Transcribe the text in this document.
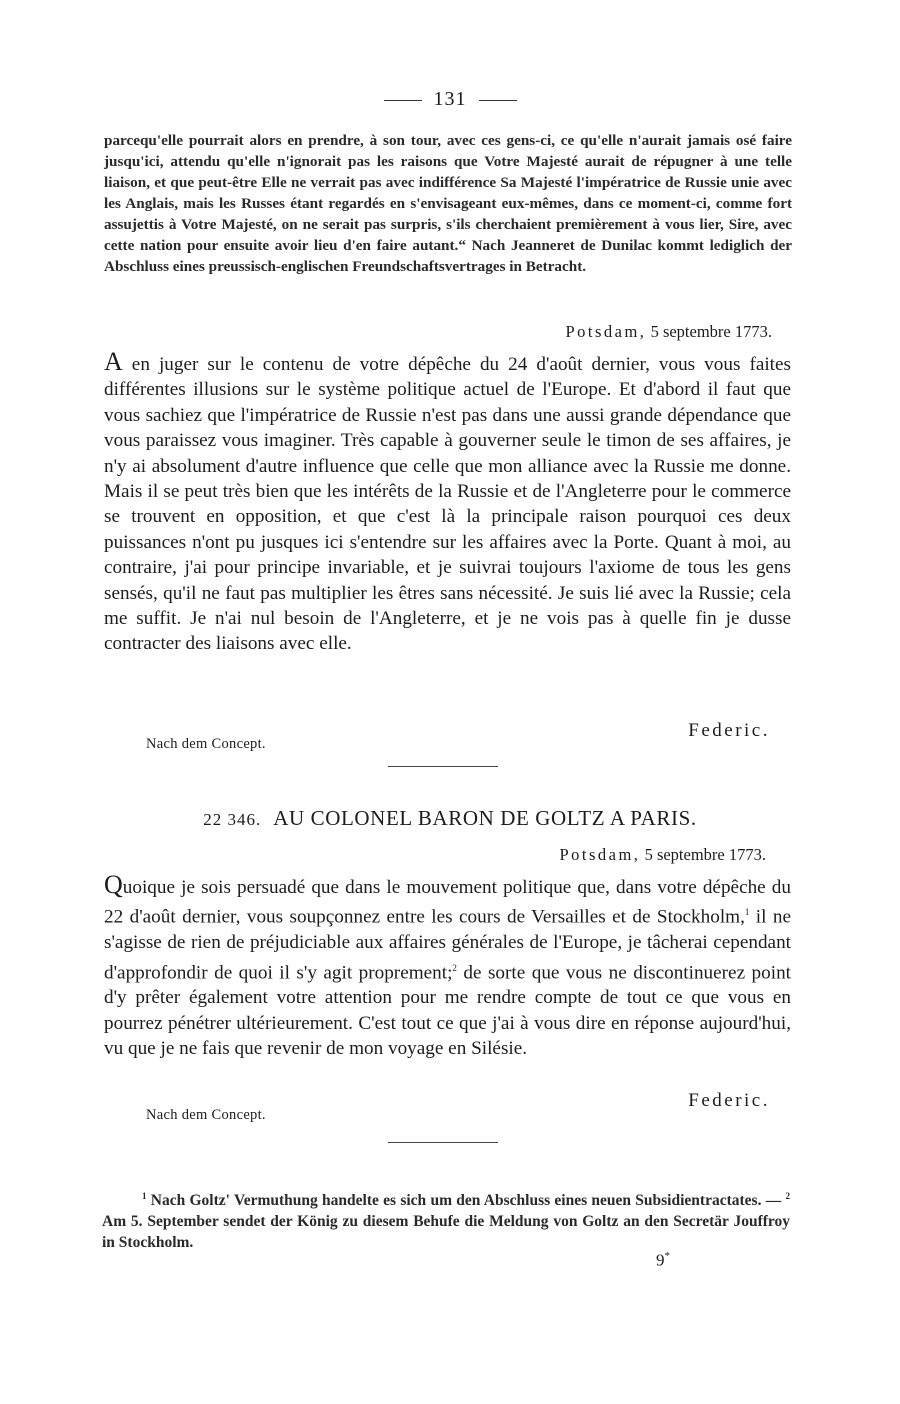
131
parcequ'elle pourrait alors en prendre, à son tour, avec ces gens-ci, ce qu'elle n'aurait jamais osé faire jusqu'ici, attendu qu'elle n'ignorait pas les raisons que Votre Majesté aurait de répugner à une telle liaison, et que peut-être Elle ne verrait pas avec indifférence Sa Majesté l'impératrice de Russie unie avec les Anglais, mais les Russes étant regardés en s'envisageant eux-mêmes, dans ce moment-ci, comme fort assujettis à Votre Majesté, on ne serait pas surpris, s'ils cherchaient premièrement à vous lier, Sire, avec cette nation pour ensuite avoir lieu d'en faire autant.“ Nach Jeanneret de Dunilac kommt lediglich der Abschluss eines preussisch-englischen Freundschaftsvertrages in Betracht.
Potsdam, 5 septembre 1773.
A en juger sur le contenu de votre dépêche du 24 d'août dernier, vous vous faites différentes illusions sur le système politique actuel de l'Europe. Et d'abord il faut que vous sachiez que l'impératrice de Russie n'est pas dans une aussi grande dépendance que vous paraissez vous imaginer. Très capable à gouverner seule le timon de ses affaires, je n'y ai absolument d'autre influence que celle que mon alliance avec la Russie me donne. Mais il se peut très bien que les intérêts de la Russie et de l'Angleterre pour le commerce se trouvent en opposition, et que c'est là la principale raison pourquoi ces deux puissances n'ont pu jusques ici s'entendre sur les affaires avec la Porte. Quant à moi, au contraire, j'ai pour principe invariable, et je suivrai toujours l'axiome de tous les gens sensés, qu'il ne faut pas multiplier les êtres sans nécessité. Je suis lié avec la Russie; cela me suffit. Je n'ai nul besoin de l'Angleterre, et je ne vois pas à quelle fin je dusse contracter des liaisons avec elle.
Federic.
Nach dem Concept.
22 346. AU COLONEL BARON DE GOLTZ A PARIS.
Potsdam, 5 septembre 1773.
Quoique je sois persuadé que dans le mouvement politique que, dans votre dépêche du 22 d'août dernier, vous soupçonnez entre les cours de Versailles et de Stockholm,$^1$ il ne s'agisse de rien de préjudiciable aux affaires générales de l'Europe, je tâcherai cependant d'approfondir de quoi il s'y agit proprement;$^2$ de sorte que vous ne discontinuerez point d'y prêter également votre attention pour me rendre compte de tout ce que vous en pourrez pénétrer ultérieurement. C'est tout ce que j'ai à vous dire en réponse aujourd'hui, vu que je ne fais que revenir de mon voyage en Silésie.
Federic.
Nach dem Concept.
$^1$ Nach Goltz' Vermuthung handelte es sich um den Abschluss eines neuen Subsidientractates. — $^2$ Am 5. September sendet der König zu diesem Behufe die Meldung von Goltz an den Secretär Jouffroy in Stockholm.
9*
